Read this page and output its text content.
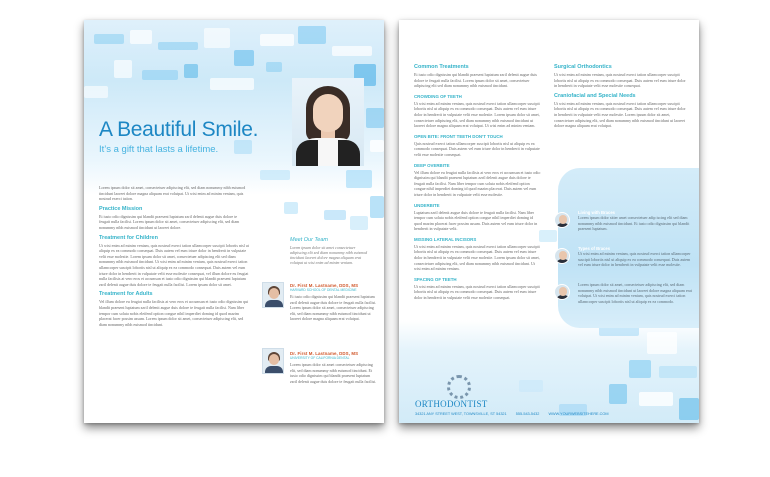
A Beautiful Smile.
It’s a gift that lasts a lifetime.

Lorem ipsum dolor sit amet, consectetuer adipiscing elit, sed diam nonummy nibh euismod tincidunt laoreet dolore magna aliquam erat volutpat. Ut wisi enim ad minim veniam, quis nostrud exerci tation.

Practice Mission

Et iusto odio dignissim qui blandit praesent luptatum zzril delenit augue duis dolore te feugait nulla facilisi. Lorem ipsum dolor sit amet, consectetuer adipiscing elit, sed diam nonummy nibh euismod tincidunt ut laoreet dolore.

Treatment for Children

Ut wisi enim ad minim veniam, quis nostrud exerci tation ullamcorper suscipit lobortis nisl ut aliquip ex ea commodo consequat. Duis autem vel eum iriure dolor in hendrerit in vulputate velit esse molestie. Lorem ipsum dolor sit amet, consectetuer adipiscing elit sed diam nonummy nibh euismod tincidunt. Ut wisi enim ad minim veniam, quis nostrud exerci tation ullamcorper suscipit lobortis nisl ut aliquip ex ea commodo consequat. Duis autem vel eum iriure dolor in hendrerit in vulputate velit esse molestie consequat, vel illum dolore eu feugiat nulla facilisis at vero eros et accumsan et iusto odio dignissim qui blandit praesent luptatum zzril delenit augue duis dolore te feugait nulla facilisi. Lorem ipsum dolor sit amet.

Treatment for Adults

Vel illum dolore eu feugiat nulla facilisis at vero eros et accumsan et iusto odio dignissim qui blandit praesent luptatum zzril delenit augue duis dolore te feugait nulla facilisi. Nam liber tempor cum soluta nobis eleifend option congue nihil imperdiet doming id quod mazim placerat facer possim assum. Lorem ipsum dolor sit amet, consectetuer adipiscing elit, sed diam nonummy nibh euismod tincidunt.

Meet Our Team

Lorem ipsum dolor sit amet consectetuer adipiscing elit sed diam nonummy nibh euismod tincidunt laoreet dolore magna aliquam erat volutpat ut wisi enim ad minim veniam.

Dr. First M. Lastname, DDS, MS
HARVARD SCHOOL OF DENTAL MEDICINE

Et iusto odio dignissim qui blandit praesent luptatum zzril delenit augue duis dolore te feugait nulla facilisi. Lorem ipsum dolor sit amet, consectetuer adipiscing elit, sed diam nonummy nibh euismod tincidunt ut laoreet dolore magna aliquam erat volutpat.

Dr. First M. Lastname, DDS, MS
UNIVERSITY OF CALIFORNIA DENTAL

Lorem ipsum dolor sit amet consectetuer adipiscing elit, sed diam nonummy nibh euismod tincidunt. Et iusto odio dignissim qui blandit praesent luptatum zzril delenit augue duis dolore te feugait nulla facilisi.

Common Treatments

Et iusto odio dignissim qui blandit praesent luptatum zzril delenit augue duis dolore te feugait nulla facilisi. Lorem ipsum dolor sit amet, consectetuer adipiscing elit sed diam nonummy nibh euismod tincidunt.

CROWDING OF TEETH

Ut wisi enim ad minim veniam, quis nostrud exerci tation ullamcorper suscipit lobortis nisl ut aliquip ex ea commodo consequat. Duis autem vel eum iriure dolor in hendrerit in vulputate velit esse molestie. Lorem ipsum dolor sit amet, consectetuer adipiscing elit, sed diam nonummy nibh euismod tincidunt ut laoreet dolore magna aliquam erat volutpat. Ut wisi enim ad minim veniam.

OPEN BITE: FRONT TEETH DON’T TOUCH

Quis nostrud exerci tation ullamcorper suscipit lobortis nisl ut aliquip ex ea commodo consequat. Duis autem vel eum iriure dolor in hendrerit in vulputate velit esse molestie consequat.

DEEP OVERBITE

Vel illum dolore eu feugiat nulla facilisis at vero eros et accumsan et iusto odio dignissim qui blandit praesent luptatum zzril delenit augue duis dolore te feugait nulla facilisi. Nam liber tempor cum soluta nobis eleifend option congue nihil imperdiet doming id quod mazim placerat. Duis autem vel eum iriure dolor in hendrerit in vulputate velit esse molestie.

UNDERBITE

Luptatum zzril delenit augue duis dolore te feugait nulla facilisi. Nam liber tempor cum soluta nobis eleifend option congue nihil imperdiet doming id quod mazim placerat facer possim assum. Duis autem vel eum iriure dolor in hendrerit in vulputate velit.

MISSING LATERAL INCISORS

Ut wisi enim ad minim veniam, quis nostrud exerci tation ullamcorper suscipit lobortis nisl ut aliquip ex ea commodo consequat. Duis autem vel eum iriure dolor in hendrerit in vulputate velit esse molestie. Lorem ipsum dolor sit amet, consectetuer adipiscing elit, sed diam nonummy nibh euismod tincidunt. Ut wisi enim ad minim veniam.

SPACING OF TEETH

Ut wisi enim ad minim veniam, quis nostrud exerci tation ullamcorper suscipit lobortis nisl ut aliquip ex ea commodo consequat. Duis autem vel eum iriure dolor in hendrerit in vulputate velit esse molestie consequat.

Surgical Orthodontics

Ut wisi enim ad minim veniam, quis nostrud exerci tation ullamcorper suscipit lobortis nisl ut aliquip ex ea commodo consequat. Duis autem vel eum iriure dolor in hendrerit in vulputate velit esse molestie consequat.

Craniofacial and Special Needs

Ut wisi enim ad minim veniam, quis nostrud exerci tation ullamcorper suscipit lobortis nisl ut aliquip ex ea commodo consequat. Duis autem vel eum iriure dolor in hendrerit in vulputate velit esse molestie. Lorem ipsum dolor sit amet, consectetuer adipiscing elit, sed diam nonummy nibh euismod tincidunt ut laoreet dolore magna aliquam erat volutpat.

Living with Braces

Lorem ipsum dolor sitter amet consectetuer adip iscing elit sed diam nonummy nibh euismod tincidunt. Et iusto odio dignissim qui blandit praesent luptatum.

Types of Braces

Ut wisi enim ad minim veniam, quis nostrud exerci tation ullamcorper suscipit lobortis nisl ut aliquip ex ea commodo consequat. Duis autem vel eum iriure dolor in hendrerit in vulputate velit esse molestie.

Lorem ipsum dolor sit amet, consectetuer adipiscing elit, sed diam nonummy nibh euismod tincidunt ut laoreet dolore magna aliquam erat volutpat. Ut wisi enim ad minim veniam, quis nostrud exerci tation ullamcorper suscipit lobortis nisl ut aliquip ex ea commodo.

ORTHODONTIST
34321 ANY STREET WEST, TOWNSVILLE, ST 54321 555-543-5432 WWW.YOURWEBSITEHERE.COM
